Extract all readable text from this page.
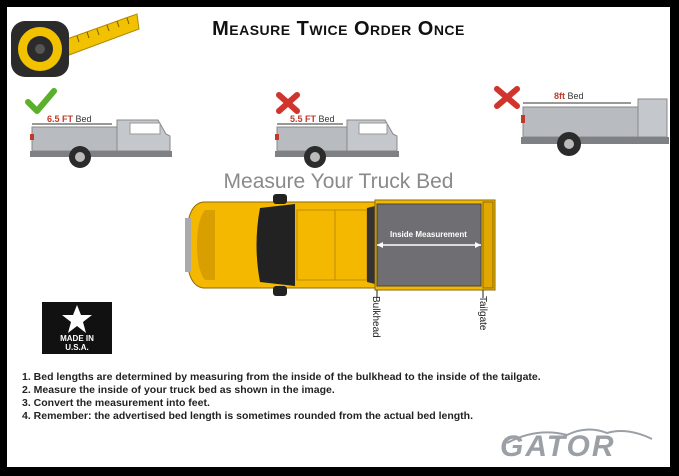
Measure Twice Order Once
6.5 FT Bed	5.5 FT Bed
8ft Bed
Measure Your Truck Bed
Inside Measurement
Bulkhead	Tailgate
MADE IN
U.S.A.
1. Bed lengths are determined by measuring from the inside of the bulkhead to the inside of the tailgate.
2. Measure the inside of your truck bed as shown in the image.
3. Convert the measurement into feet.
4. Remember: the advertised bed length is sometimes rounded from the actual bed length.
GATOR
